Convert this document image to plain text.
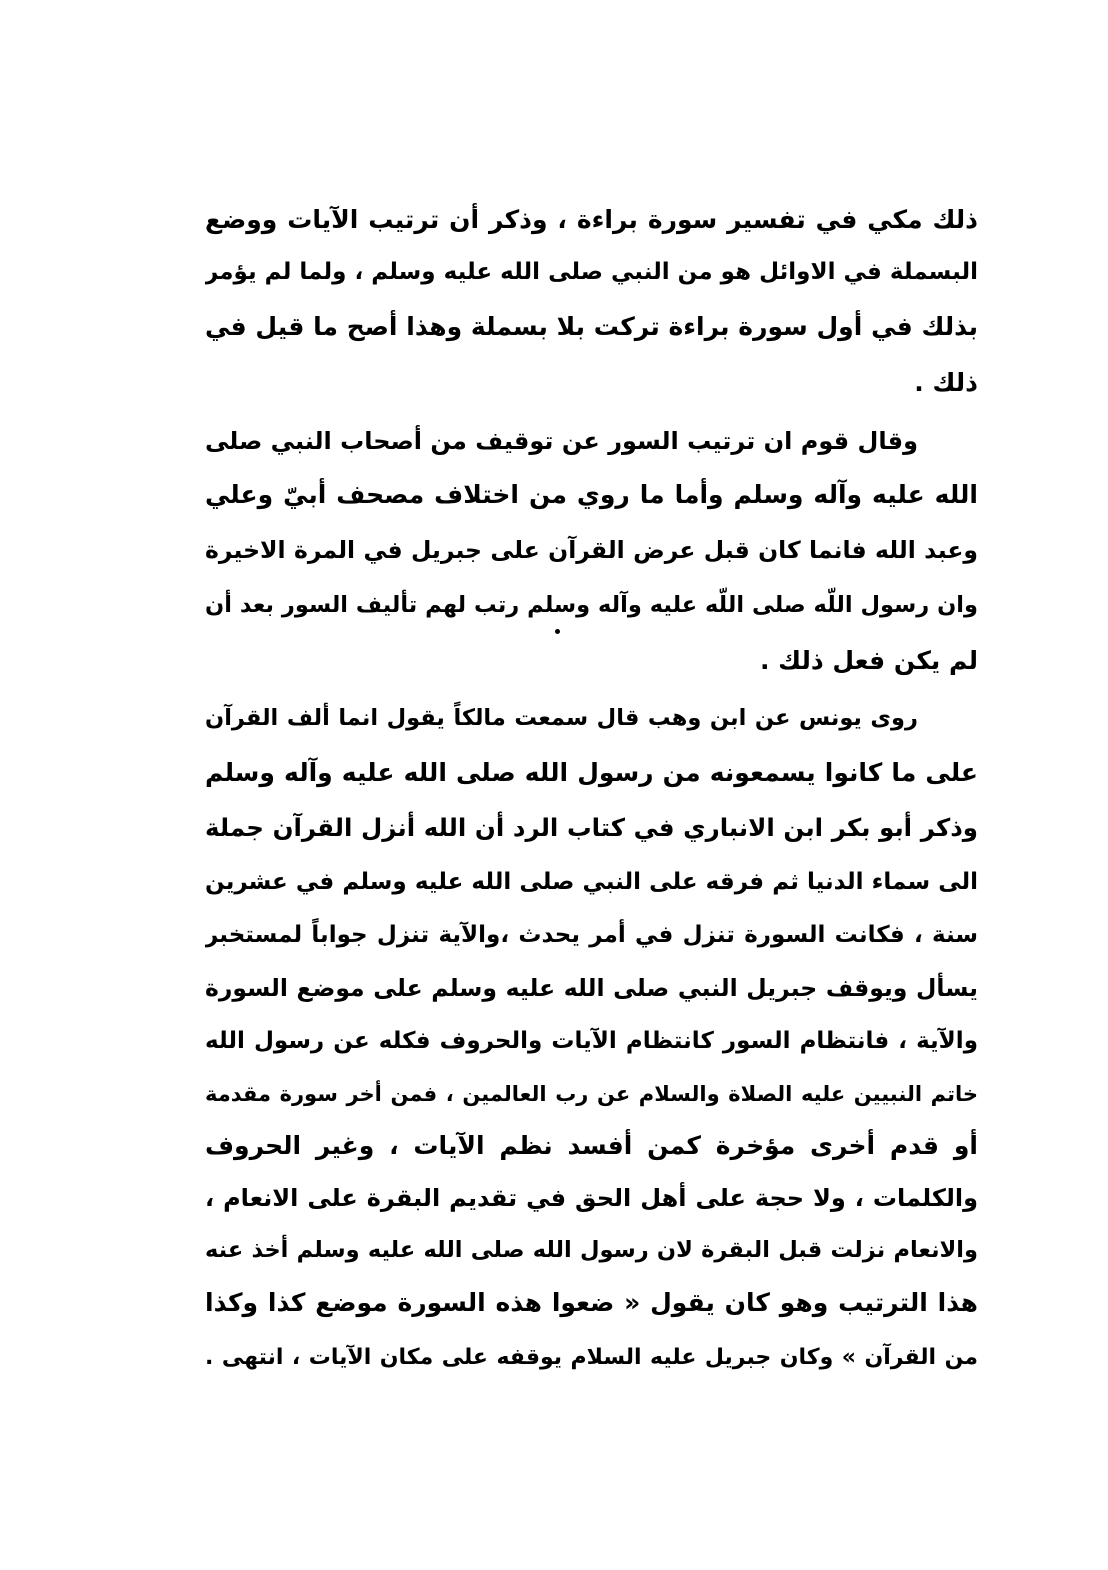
ذلك مكي في تفسير سورة براءة ، وذكر أن ترتيب الآيات ووضع
البسملة في الاوائل هو من النبي صلى الله عليه وسلم ، ولما لم يؤمر
بذلك في أول سورة براءة تركت بلا بسملة وهذا أصح ما قيل في
ذلك .
وقال قوم ان ترتيب السور عن توقيف من أصحاب النبي صلى
الله عليه وآله وسلم وأما ما روي من اختلاف مصحف أبيّ وعلي
وعبد الله فانما كان قبل عرض القرآن على جبريل في المرة الاخيرة
وان رسول اللّه صلى اللّه عليه وآله وسلم رتب لهم تأليف السور بعد أن
لم يكن فعل ذلك .
روى يونس عن ابن وهب قال سمعت مالكاً يقول انما ألف القرآن
على ما كانوا يسمعونه من رسول الله صلى الله عليه وآله وسلم
وذكر أبو بكر ابن الانباري في كتاب الرد أن الله أنزل القرآن جملة
الى سماء الدنيا ثم فرقه على النبي صلى الله عليه وسلم في عشرين
سنة ، فكانت السورة تنزل في أمر يحدث ،والآية تنزل جواباً لمستخبر
يسأل ويوقف جبريل النبي صلى الله عليه وسلم على موضع السورة
والآية ، فانتظام السور كانتظام الآيات والحروف فكله عن رسول الله
خاتم النبيين عليه الصلاة والسلام عن رب العالمين ، فمن أخر سورة مقدمة
أو قدم أخرى مؤخرة كمن أفسد نظم الآيات ، وغير الحروف
والكلمات ، ولا حجة على أهل الحق في تقديم البقرة على الانعام ،
والانعام نزلت قبل البقرة لان رسول الله صلى الله عليه وسلم أخذ عنه
هذا الترتيب وهو كان يقول « ضعوا هذه السورة موضع كذا وكذا
من القرآن » وكان جبريل عليه السلام يوقفه على مكان الآيات ، انتهى .
